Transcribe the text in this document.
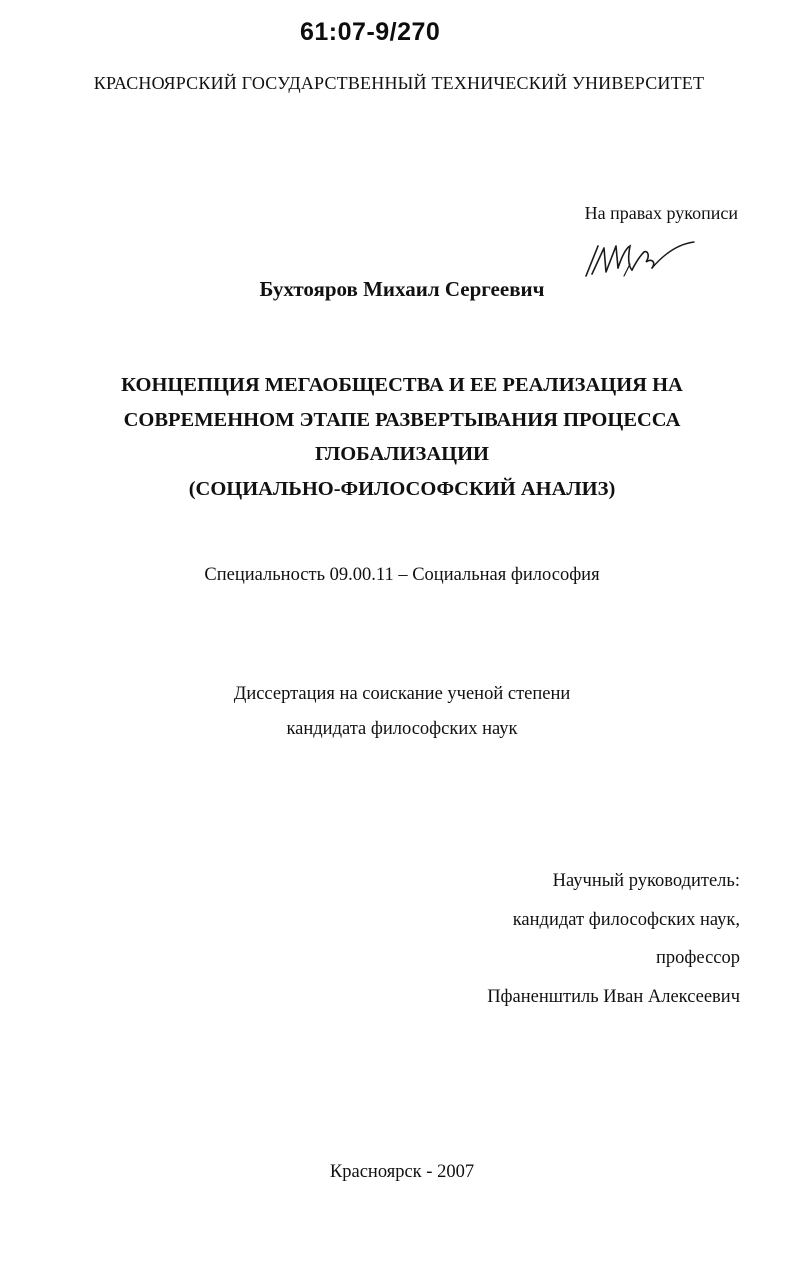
61:07-9/270
КРАСНОЯРСКИЙ ГОСУДАРСТВЕННЫЙ ТЕХНИЧЕСКИЙ УНИВЕРСИТЕТ
На правах рукописи
Бухтояров Михаил Сергеевич
КОНЦЕПЦИЯ МЕГАОБЩЕСТВА И ЕЕ РЕАЛИЗАЦИЯ НА
СОВРЕМЕННОМ ЭТАПЕ РАЗВЕРТЫВАНИЯ ПРОЦЕССА
ГЛОБАЛИЗАЦИИ
(СОЦИАЛЬНО-ФИЛОСОФСКИЙ АНАЛИЗ)
Специальность 09.00.11 – Социальная философия
Диссертация на соискание ученой степени
кандидата философских наук
Научный руководитель:
кандидат философских наук,
профессор
Пфаненштиль Иван Алексеевич
Красноярск - 2007
